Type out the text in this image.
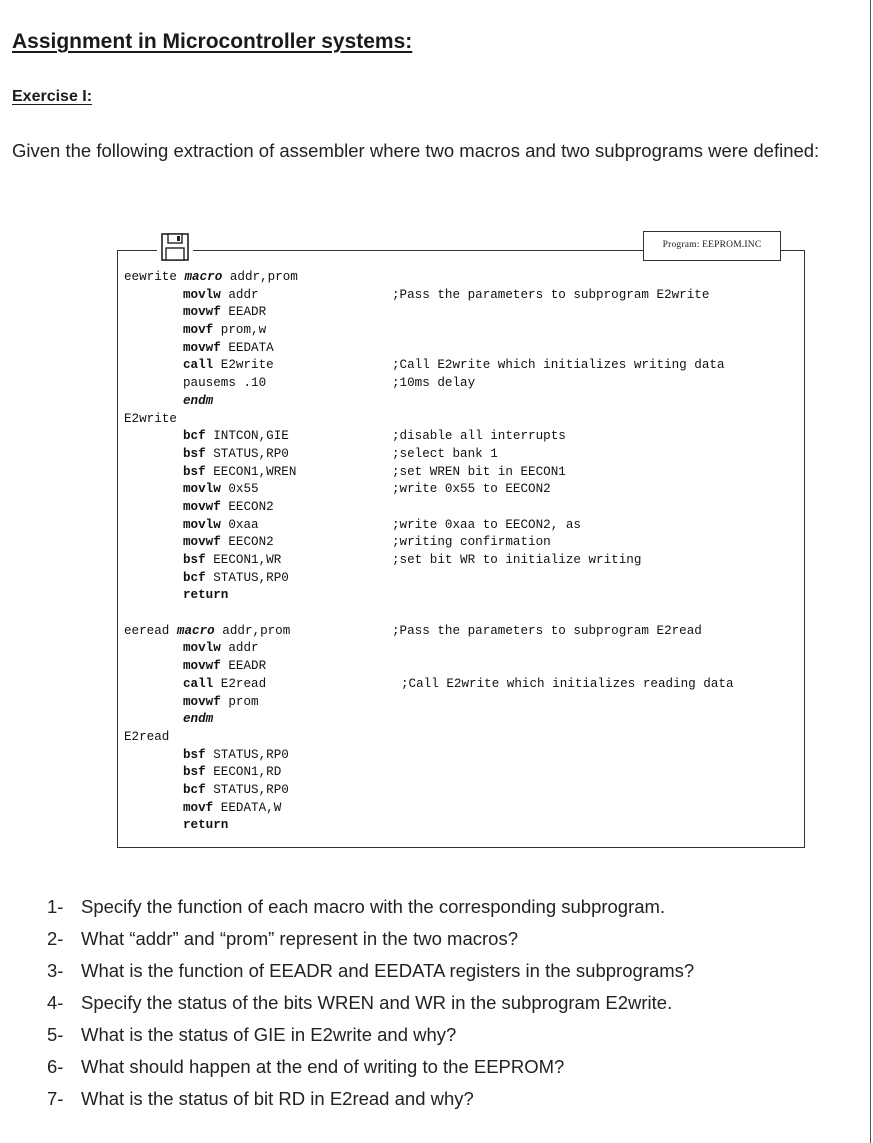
Assignment in Microcontroller systems:
Exercise I:

Given the following extraction of assembler where two macros and two subprograms were defined:

Program: EEPROM.INC
eewrite macro addr,prom
movlw addr	;Pass the parameters to subprogram E2write
movwf EEADR
movf prom,w
movwf EEDATA
call E2write	;Call E2write which initializes writing data
pausems .10	;10ms delay
endm
E2write
bcf INTCON,GIE	;disable all interrupts
bsf STATUS,RP0	;select bank 1
bsf EECON1,WREN	;set WREN bit in EECON1
movlw 0x55	;write 0x55 to EECON2
movwf EECON2
movlw 0xaa	;write 0xaa to EECON2, as
movwf EECON2	;writing confirmation
bsf EECON1,WR	;set bit WR to initialize writing
bcf STATUS,RP0
return
eeread macro addr,prom	;Pass the parameters to subprogram E2read
movlw addr
movwf EEADR
call E2read	;Call E2write which initializes reading data
movwf prom
endm
E2read
bsf STATUS,RP0
bsf EECON1,RD
bcf STATUS,RP0
movf EEDATA,W
return
1- Specify the function of each macro with the corresponding subprogram.
2- What “addr” and “prom” represent in the two macros?
3- What is the function of EEADR and EEDATA registers in the subprograms?
4- Specify the status of the bits WREN and WR in the subprogram E2write.
5- What is the status of GIE in E2write and why?
6- What should happen at the end of writing to the EEPROM?
7- What is the status of bit RD in E2read and why?
